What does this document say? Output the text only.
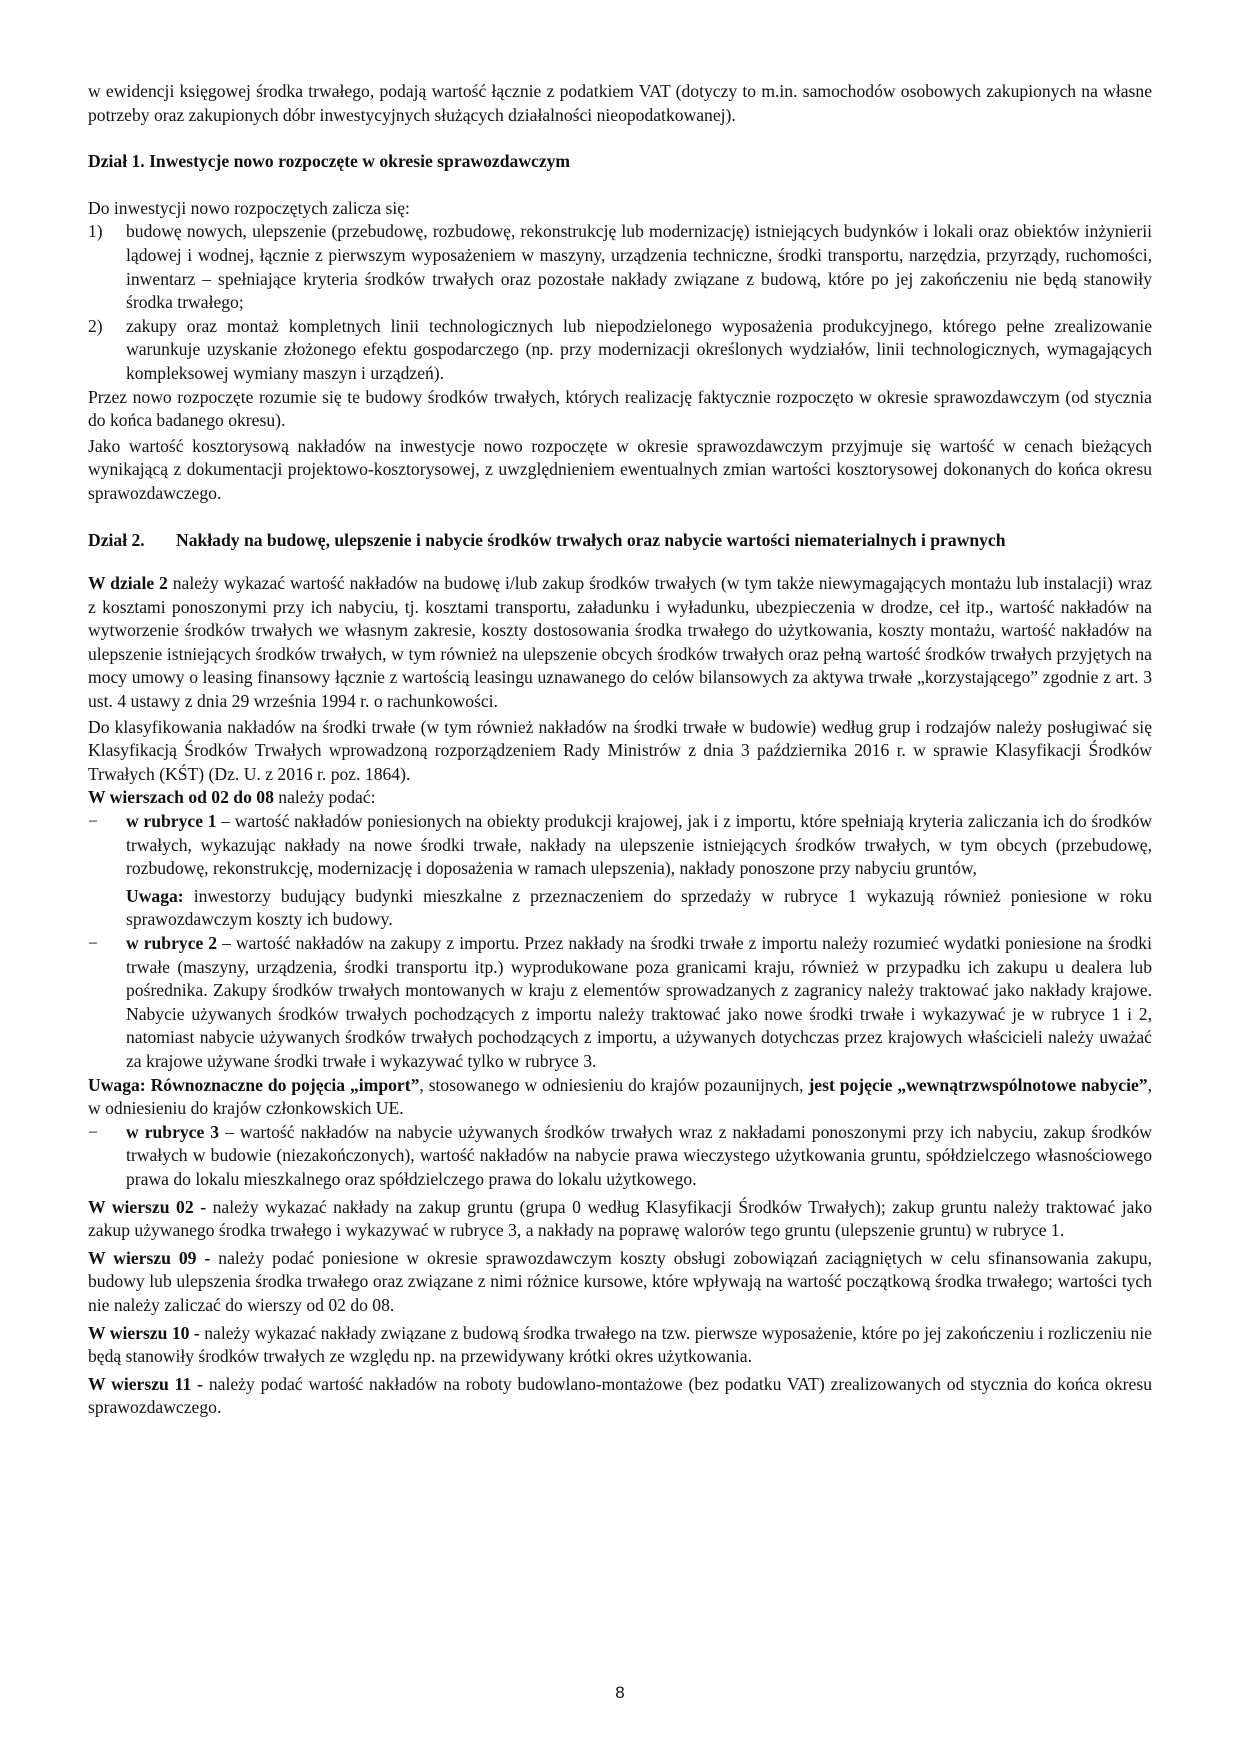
w ewidencji księgowej środka trwałego, podają wartość łącznie z podatkiem VAT (dotyczy to m.in. samochodów osobowych zakupionych na własne potrzeby oraz zakupionych dóbr inwestycyjnych służących działalności nieopodatkowanej).

Dział 1. Inwestycje nowo rozpoczęte w okresie sprawozdawczym

Do inwestycji nowo rozpoczętych zalicza się:

1)	budowę nowych, ulepszenie (przebudowę, rozbudowę, rekonstrukcję lub modernizację) istniejących budynków i lokali oraz obiektów inżynierii lądowej i wodnej, łącznie z pierwszym wyposażeniem w maszyny, urządzenia techniczne, środki transportu, narzędzia, przyrządy, ruchomości, inwentarz – spełniające kryteria środków trwałych oraz pozostałe nakłady związane z budową, które po jej zakończeniu nie będą stanowiły środka trwałego;
2)	zakupy oraz montaż kompletnych linii technologicznych lub niepodzielonego wyposażenia produkcyjnego, którego pełne zrealizowanie warunkuje uzyskanie złożonego efektu gospodarczego (np. przy modernizacji określonych wydziałów, linii technologicznych, wymagających kompleksowej wymiany maszyn i urządzeń).

Przez nowo rozpoczęte rozumie się te budowy środków trwałych, których realizację faktycznie rozpoczęto w okresie sprawozdawczym (od stycznia do końca badanego okresu).

Jako wartość kosztorysową nakładów na inwestycje nowo rozpoczęte w okresie sprawozdawczym przyjmuje się wartość w cenach bieżących wynikającą z dokumentacji projektowo-kosztorysowej, z uwzględnieniem ewentualnych zmian wartości kosztorysowej dokonanych do końca okresu sprawozdawczego.

Dział 2.	Nakłady na budowę, ulepszenie i nabycie środków trwałych oraz nabycie wartości niematerialnych i prawnych

W dziale 2 należy wykazać wartość nakładów na budowę i/lub zakup środków trwałych (w tym także niewymagających montażu lub instalacji) wraz z kosztami ponoszonymi przy ich nabyciu, tj. kosztami transportu, załadunku i wyładunku, ubezpieczenia w drodze, ceł itp., wartość nakładów na wytworzenie środków trwałych we własnym zakresie, koszty dostosowania środka trwałego do użytkowania, koszty montażu, wartość nakładów na ulepszenie istniejących środków trwałych, w tym również na ulepszenie obcych środków trwałych oraz pełną wartość środków trwałych przyjętych na mocy umowy o leasing finansowy łącznie z wartością leasingu uznawanego do celów bilansowych za aktywa trwałe „korzystającego” zgodnie z art. 3 ust. 4 ustawy z dnia 29 września 1994 r. o rachunkowości.

Do klasyfikowania nakładów na środki trwałe (w tym również nakładów na środki trwałe w budowie) według grup i rodzajów należy posługiwać się Klasyfikacją Środków Trwałych wprowadzoną rozporządzeniem Rady Ministrów z dnia 3 października 2016 r. w sprawie Klasyfikacji Środków Trwałych (KŚT) (Dz. U. z 2016 r. poz. 1864).

W wierszach od 02 do 08 należy podać:

−	w rubryce 1 – wartość nakładów poniesionych na obiekty produkcji krajowej, jak i z importu, które spełniają kryteria zaliczania ich do środków trwałych, wykazując nakłady na nowe środki trwałe, nakłady na ulepszenie istniejących środków trwałych, w tym obcych (przebudowę, rozbudowę, rekonstrukcję, modernizację i doposażenia w ramach ulepszenia), nakłady ponoszone przy nabyciu gruntów,

Uwaga: inwestorzy budujący budynki mieszkalne z przeznaczeniem do sprzedaży w rubryce 1 wykazują również poniesione w roku sprawozdawczym koszty ich budowy.

−	w rubryce 2 – wartość nakładów na zakupy z importu. Przez nakłady na środki trwałe z importu należy rozumieć wydatki poniesione na środki trwałe (maszyny, urządzenia, środki transportu itp.) wyprodukowane poza granicami kraju, również w przypadku ich zakupu u dealera lub pośrednika. Zakupy środków trwałych montowanych w kraju z elementów sprowadzanych z zagranicy należy traktować jako nakłady krajowe. Nabycie używanych środków trwałych pochodzących z importu należy traktować jako nowe środki trwałe i wykazywać je w rubryce 1 i 2, natomiast nabycie używanych środków trwałych pochodzących z importu, a używanych dotychczas przez krajowych właścicieli należy uważać za krajowe używane środki trwałe i wykazywać tylko w rubryce 3.

Uwaga: Równoznaczne do pojęcia „import”, stosowanego w odniesieniu do krajów pozaunijnych, jest pojęcie „wewnątrzwspólnotowe nabycie”, w odniesieniu do krajów członkowskich UE.

−	w rubryce 3 – wartość nakładów na nabycie używanych środków trwałych wraz z nakładami ponoszonymi przy ich nabyciu, zakup środków trwałych w budowie (niezakończonych), wartość nakładów na nabycie prawa wieczystego użytkowania gruntu, spółdzielczego własnościowego prawa do lokalu mieszkalnego oraz spółdzielczego prawa do lokalu użytkowego.

W wierszu 02 - należy wykazać nakłady na zakup gruntu (grupa 0 według Klasyfikacji Środków Trwałych); zakup gruntu należy traktować jako zakup używanego środka trwałego i wykazywać w rubryce 3, a nakłady na poprawę walorów tego gruntu (ulepszenie gruntu) w rubryce 1.

W wierszu 09 - należy podać poniesione w okresie sprawozdawczym koszty obsługi zobowiązań zaciągniętych w celu sfinansowania zakupu, budowy lub ulepszenia środka trwałego oraz związane z nimi różnice kursowe, które wpływają na wartość początkową środka trwałego; wartości tych nie należy zaliczać do wierszy od 02 do 08.

W wierszu 10 - należy wykazać nakłady związane z budową środka trwałego na tzw. pierwsze wyposażenie, które po jej zakończeniu i rozliczeniu nie będą stanowiły środków trwałych ze względu np. na przewidywany krótki okres użytkowania.

W wierszu 11 - należy podać wartość nakładów na roboty budowlano-montażowe (bez podatku VAT) zrealizowanych od stycznia do końca okresu sprawozdawczego.

8
